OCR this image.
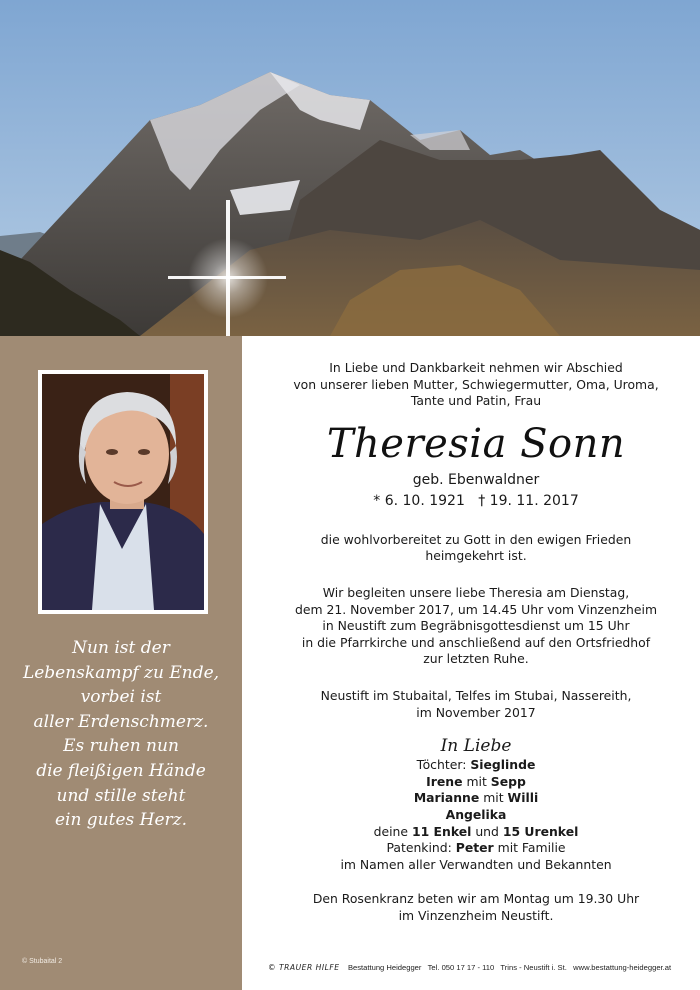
Nun ist der
Lebenskampf zu Ende,
vorbei ist
aller Erdenschmerz.
Es ruhen nun
die fleißigen Hände
und stille steht
ein gutes Herz.
© Stubaital 2
In Liebe und Dankbarkeit nehmen wir Abschied
von unserer lieben Mutter, Schwiegermutter, Oma, Uroma,
Tante und Patin, Frau
Theresia Sonn
geb. Ebenwaldner
* 6. 10. 1921   † 19. 11. 2017
die wohlvorbereitet zu Gott in den ewigen Frieden
heimgekehrt ist.
Wir begleiten unsere liebe Theresia am Dienstag,
dem 21. November 2017, um 14.45 Uhr vom Vinzenzheim
in Neustift zum Begräbnisgottesdienst um 15 Uhr
in die Pfarrkirche und anschließend auf den Ortsfriedhof
zur letzten Ruhe.
Neustift im Stubaital, Telfes im Stubai, Nassereith,
im November 2017
In Liebe
Töchter: Sieglinde
Irene mit Sepp
Marianne mit Willi
Angelika
deine 11 Enkel und 15 Urenkel
Patenkind: Peter mit Familie
im Namen aller Verwandten und Bekannten
Den Rosenkranz beten wir am Montag um 19.30 Uhr
im Vinzenzheim Neustift.
© TRAUER HILFE Bestattung Heidegger Tel. 050 17 17 - 110 Trins - Neustift i. St. www.bestattung-heidegger.at
